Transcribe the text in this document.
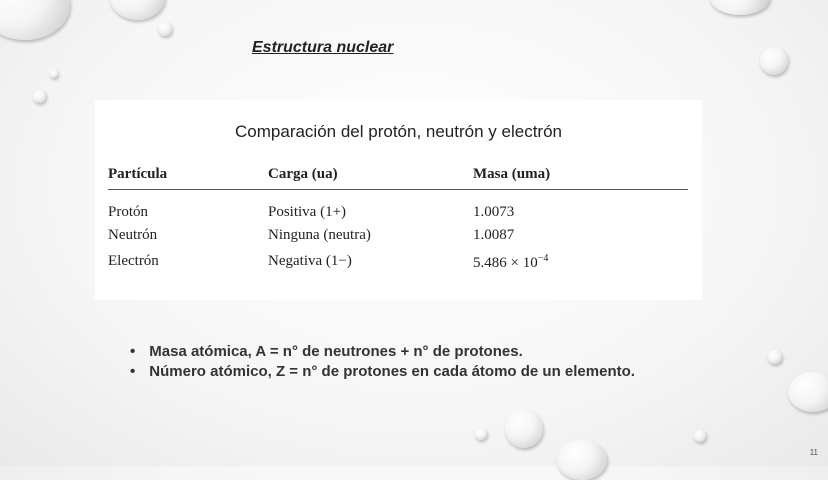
Estructura nuclear
Comparación del protón, neutrón y electrón
Partícula	Carga (ua)	Masa (uma)
Protón	Positiva (1+)	1.0073
Neutrón	Ninguna (neutra)	1.0087
Electrón	Negativa (1−)	$5.486 \times 10^{-4}$
• Masa atómica, A = n° de neutrones + n° de protones.
• Número atómico, Z = n° de protones en cada átomo de un elemento.
11
